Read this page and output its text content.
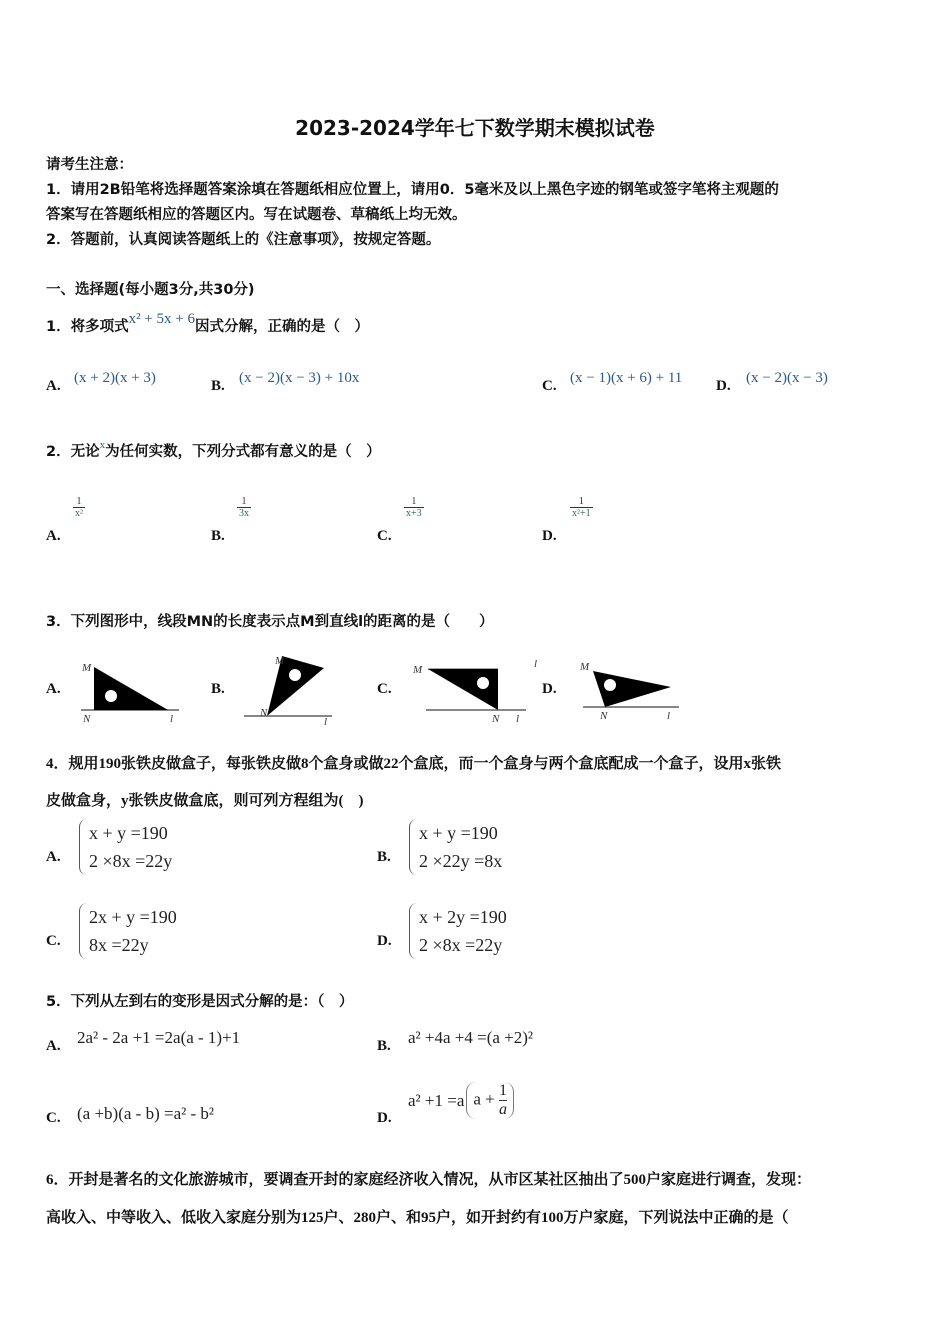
2023-2024学年七下数学期末模拟试卷
请考生注意：
1．请用2B铅笔将选择题答案涂填在答题纸相应位置上，请用0．5毫米及以上黑色字迹的钢笔或签字笔将主观题的
答案写在答题纸相应的答题区内。写在试题卷、草稿纸上均无效。
2．答题前，认真阅读答题纸上的《注意事项》，按规定答题。
一、选择题(每小题3分,共30分)
1．将多项式x² + 5x + 6因式分解，正确的是（　）
A. (x + 2)(x + 3)	B. (x − 2)(x − 3) + 10x	C. (x − 1)(x + 6) + 11 D. (x − 2)(x − 3)
2．无论$^x$为任何实数，下列分式都有意义的是（　）
A.
$\frac{1}{\text{x²}}$
B.
$\frac{1}{3x}$
C.
$\frac{1}{x+3}$
D.
$\frac{1}{\text{x²+1}}$
3．下列图形中，线段MN的长度表示点M到直线l的距离的是（　　）
A.
M
N	l
B.
M
N
l
C.
M
N l
l
D.
M
N	l
4．规用190张铁皮做盒子，每张铁皮做8个盒身或做22个盒底，而一个盒身与两个盒底配成一个盒子，设用x张铁
皮做盒身，y张铁皮做盒底，则可列方程组为(　)
A.
x + y =190
2 ×8x =22y	B.
x + y =190
2 ×22y =8x
C.
2x + y =190
8x =22y	D.
x + 2y =190
2 ×8x =22y
5．下列从左到右的变形是因式分解的是：（　）
A. 2a² - 2a +1 =2a(a - 1)+1	B. a² +4a +4 =(a +2)²
C. (a +b)(a - b) =a² - b²	D.
a² +1 =a $a + \frac{1}{a}$
6．开封是著名的文化旅游城市，要调查开封的家庭经济收入情况，从市区某社区抽出了500户家庭进行调查，发现：
高收入、中等收入、低收入家庭分别为125户、280户、和95户，如开封约有100万户家庭，下列说法中正确的是（
